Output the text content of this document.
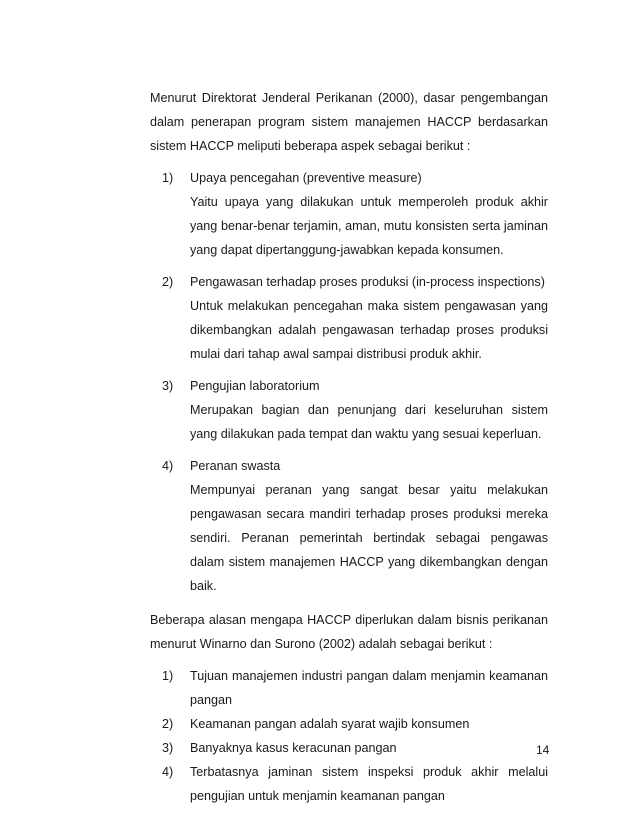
Menurut Direktorat Jenderal Perikanan (2000), dasar pengembangan dalam penerapan program sistem manajemen HACCP berdasarkan sistem HACCP meliputi beberapa aspek sebagai berikut :

1) Upaya pencegahan (preventive measure)
Yaitu upaya yang dilakukan untuk memperoleh produk akhir yang benar-benar terjamin, aman, mutu konsisten serta jaminan yang dapat dipertanggung-jawabkan kepada konsumen.
2) Pengawasan terhadap proses produksi (in-process inspections)
Untuk melakukan pencegahan maka sistem pengawasan yang dikembangkan adalah pengawasan terhadap proses produksi mulai dari tahap awal sampai distribusi produk akhir.
3) Pengujian laboratorium
Merupakan bagian dan penunjang dari keseluruhan sistem yang dilakukan pada tempat dan waktu yang sesuai keperluan.
4) Peranan swasta
Mempunyai peranan yang sangat besar yaitu melakukan pengawasan secara mandiri terhadap proses produksi mereka sendiri. Peranan pemerintah bertindak sebagai pengawas dalam sistem manajemen HACCP yang dikembangkan dengan baik.

Beberapa alasan mengapa HACCP diperlukan dalam bisnis perikanan menurut Winarno dan Surono (2002) adalah sebagai berikut :

1) Tujuan manajemen industri pangan dalam menjamin keamanan pangan
2) Keamanan pangan adalah syarat wajib konsumen
3) Banyaknya kasus keracunan pangan
4) Terbatasnya jaminan sistem inspeksi produk akhir melalui pengujian untuk menjamin keamanan pangan
14
